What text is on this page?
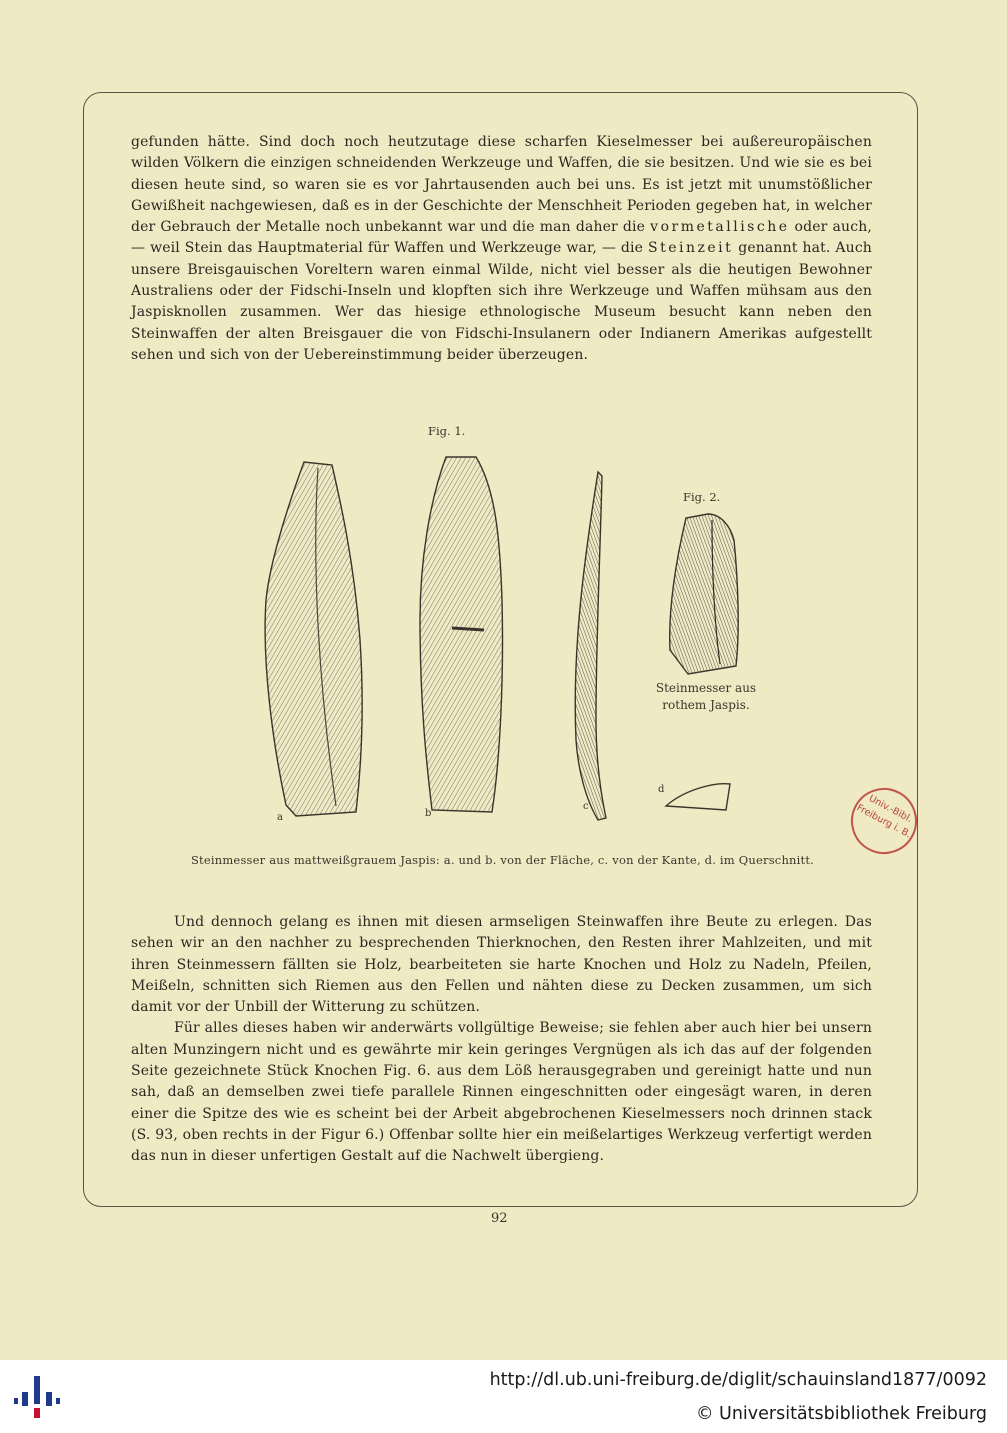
gefunden hätte. Sind doch noch heutzutage diese scharfen Kieselmesser bei außereuropäischen wilden Völkern die einzigen schneidenden Werkzeuge und Waffen, die sie besitzen. Und wie sie es bei diesen heute sind, so waren sie es vor Jahrtausenden auch bei uns. Es ist jetzt mit unumstößlicher Gewißheit nachgewiesen, daß es in der Geschichte der Menschheit Perioden gegeben hat, in welcher der Gebrauch der Metalle noch unbekannt war und die man daher die vormetallische oder auch, — weil Stein das Hauptmaterial für Waffen und Werkzeuge war, — die Steinzeit genannt hat. Auch unsere Breisgauischen Voreltern waren einmal Wilde, nicht viel besser als die heutigen Bewohner Australiens oder der Fidschi-Inseln und klopften sich ihre Werkzeuge und Waffen mühsam aus den Jaspisknollen zusammen. Wer das hiesige ethnologische Museum besucht kann neben den Steinwaffen der alten Breisgauer die von Fidschi-Insulanern oder Indianern Amerikas aufgestellt sehen und sich von der Uebereinstimmung beider überzeugen.

Fig. 1.
Fig. 2.
a	b
c
d
Steinmesser aus rothem Jaspis.
Univ.-Bibl. Freiburg i. B.
Steinmesser aus mattweißgrauem Jaspis: a. und b. von der Fläche, c. von der Kante, d. im Querschnitt.

Und dennoch gelang es ihnen mit diesen armseligen Steinwaffen ihre Beute zu erlegen. Das sehen wir an den nachher zu besprechenden Thierknochen, den Resten ihrer Mahlzeiten, und mit ihren Steinmessern fällten sie Holz, bearbeiteten sie harte Knochen und Holz zu Nadeln, Pfeilen, Meißeln, schnitten sich Riemen aus den Fellen und nähten diese zu Decken zusammen, um sich damit vor der Unbill der Witterung zu schützen.

Für alles dieses haben wir anderwärts vollgültige Beweise; sie fehlen aber auch hier bei unsern alten Munzingern nicht und es gewährte mir kein geringes Vergnügen als ich das auf der folgenden Seite gezeichnete Stück Knochen Fig. 6. aus dem Löß herausgegraben und gereinigt hatte und nun sah, daß an demselben zwei tiefe parallele Rinnen eingeschnitten oder eingesägt waren, in deren einer die Spitze des wie es scheint bei der Arbeit abgebrochenen Kieselmessers noch drinnen stack (S. 93, oben rechts in der Figur 6.) Offenbar sollte hier ein meißelartiges Werkzeug verfertigt werden das nun in dieser unfertigen Gestalt auf die Nachwelt übergieng.

92
http://dl.ub.uni-freiburg.de/diglit/schauinsland1877/0092
© Universitätsbibliothek Freiburg
